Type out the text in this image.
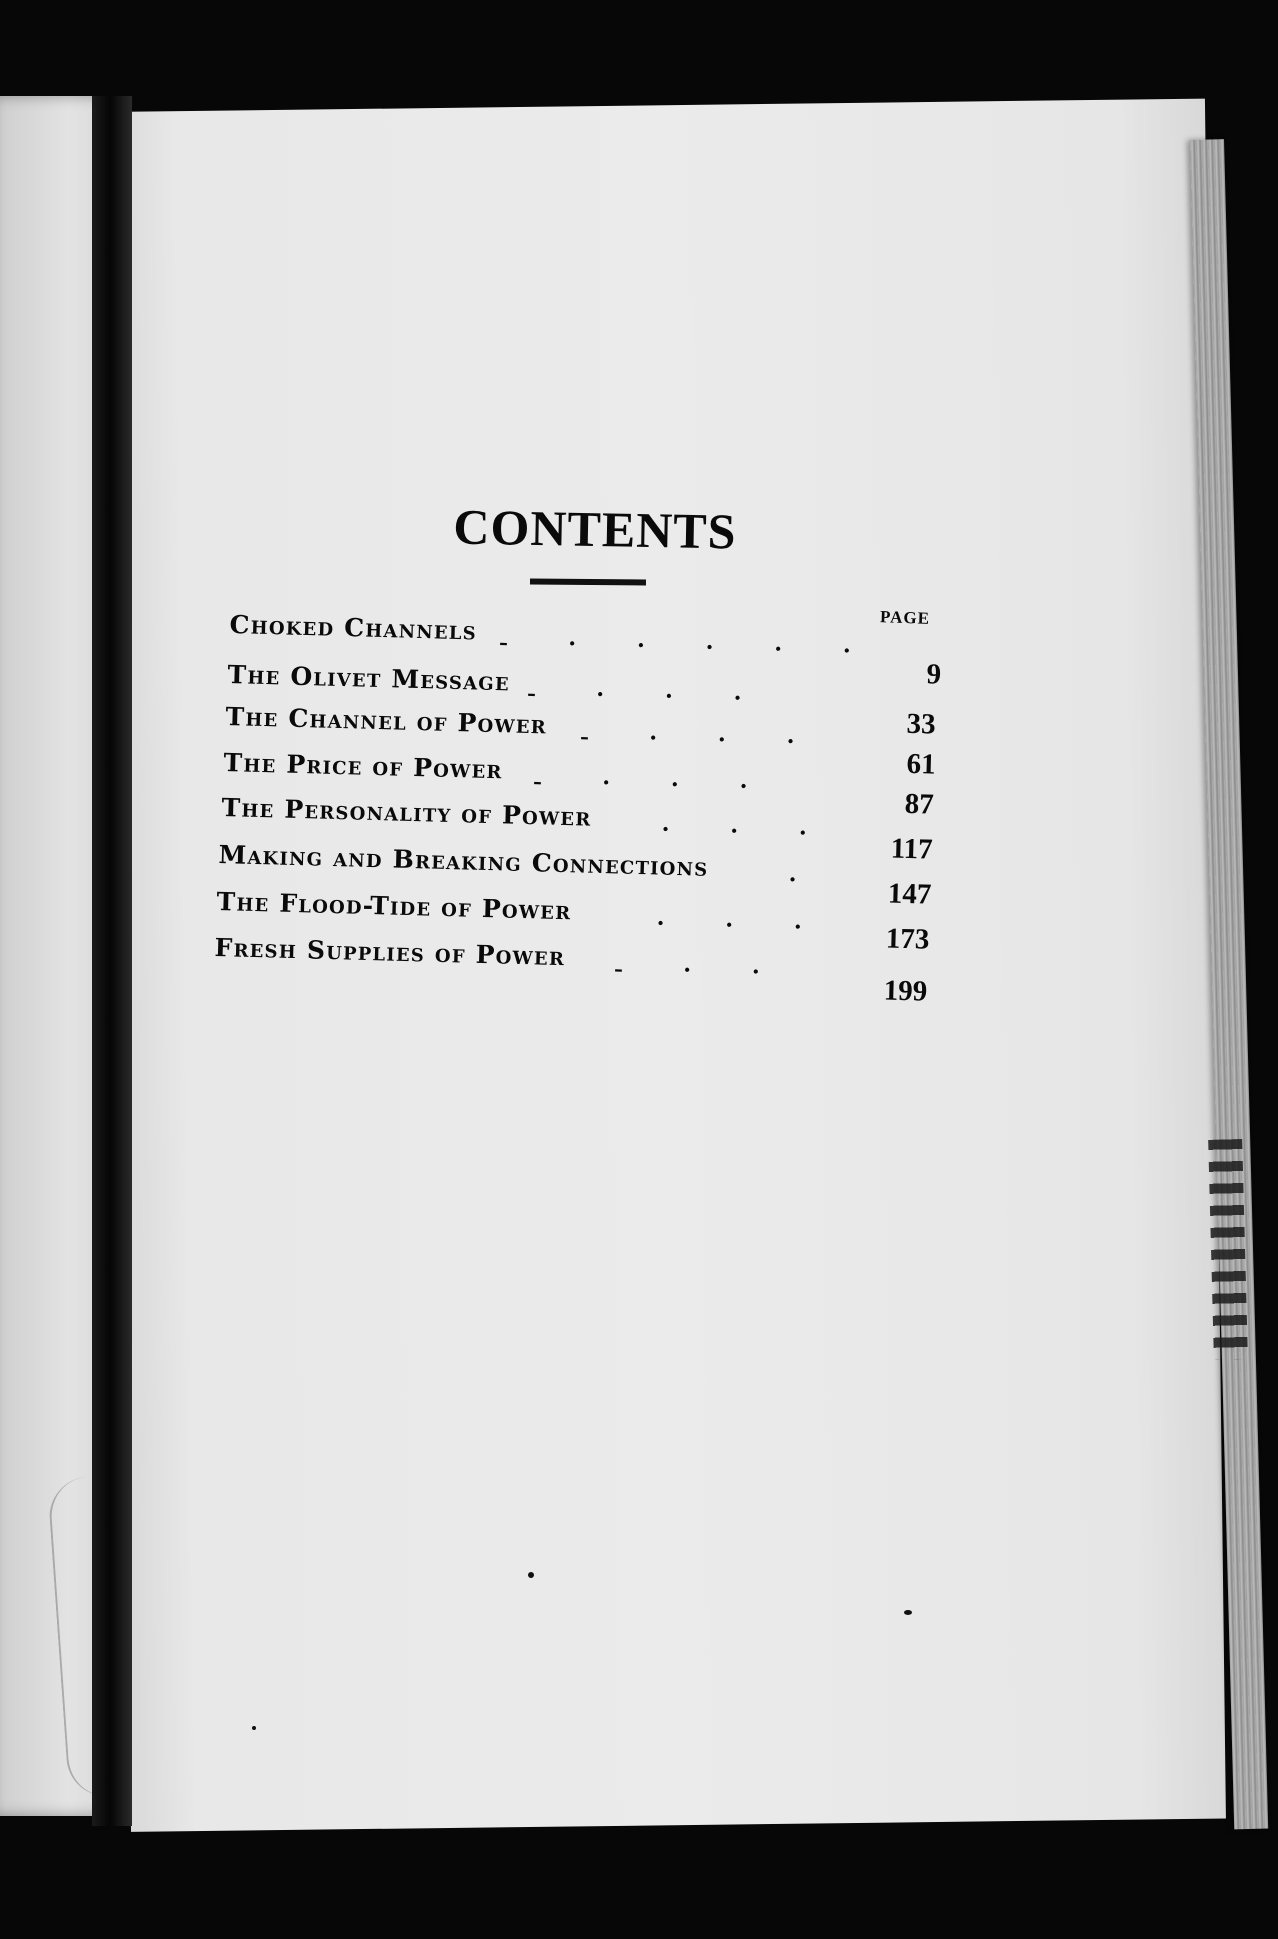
CONTENTS
PAGE
Choked Channels -·····
9
The Olivet Message -···
33
The Channel of Power -···
61
The Price of Power -···
87
The Personality of Power
···
117
Making and Breaking Connections	· 147
The Flood-Tide of Power
··· 173
Fresh Supplies of Power -··
199
